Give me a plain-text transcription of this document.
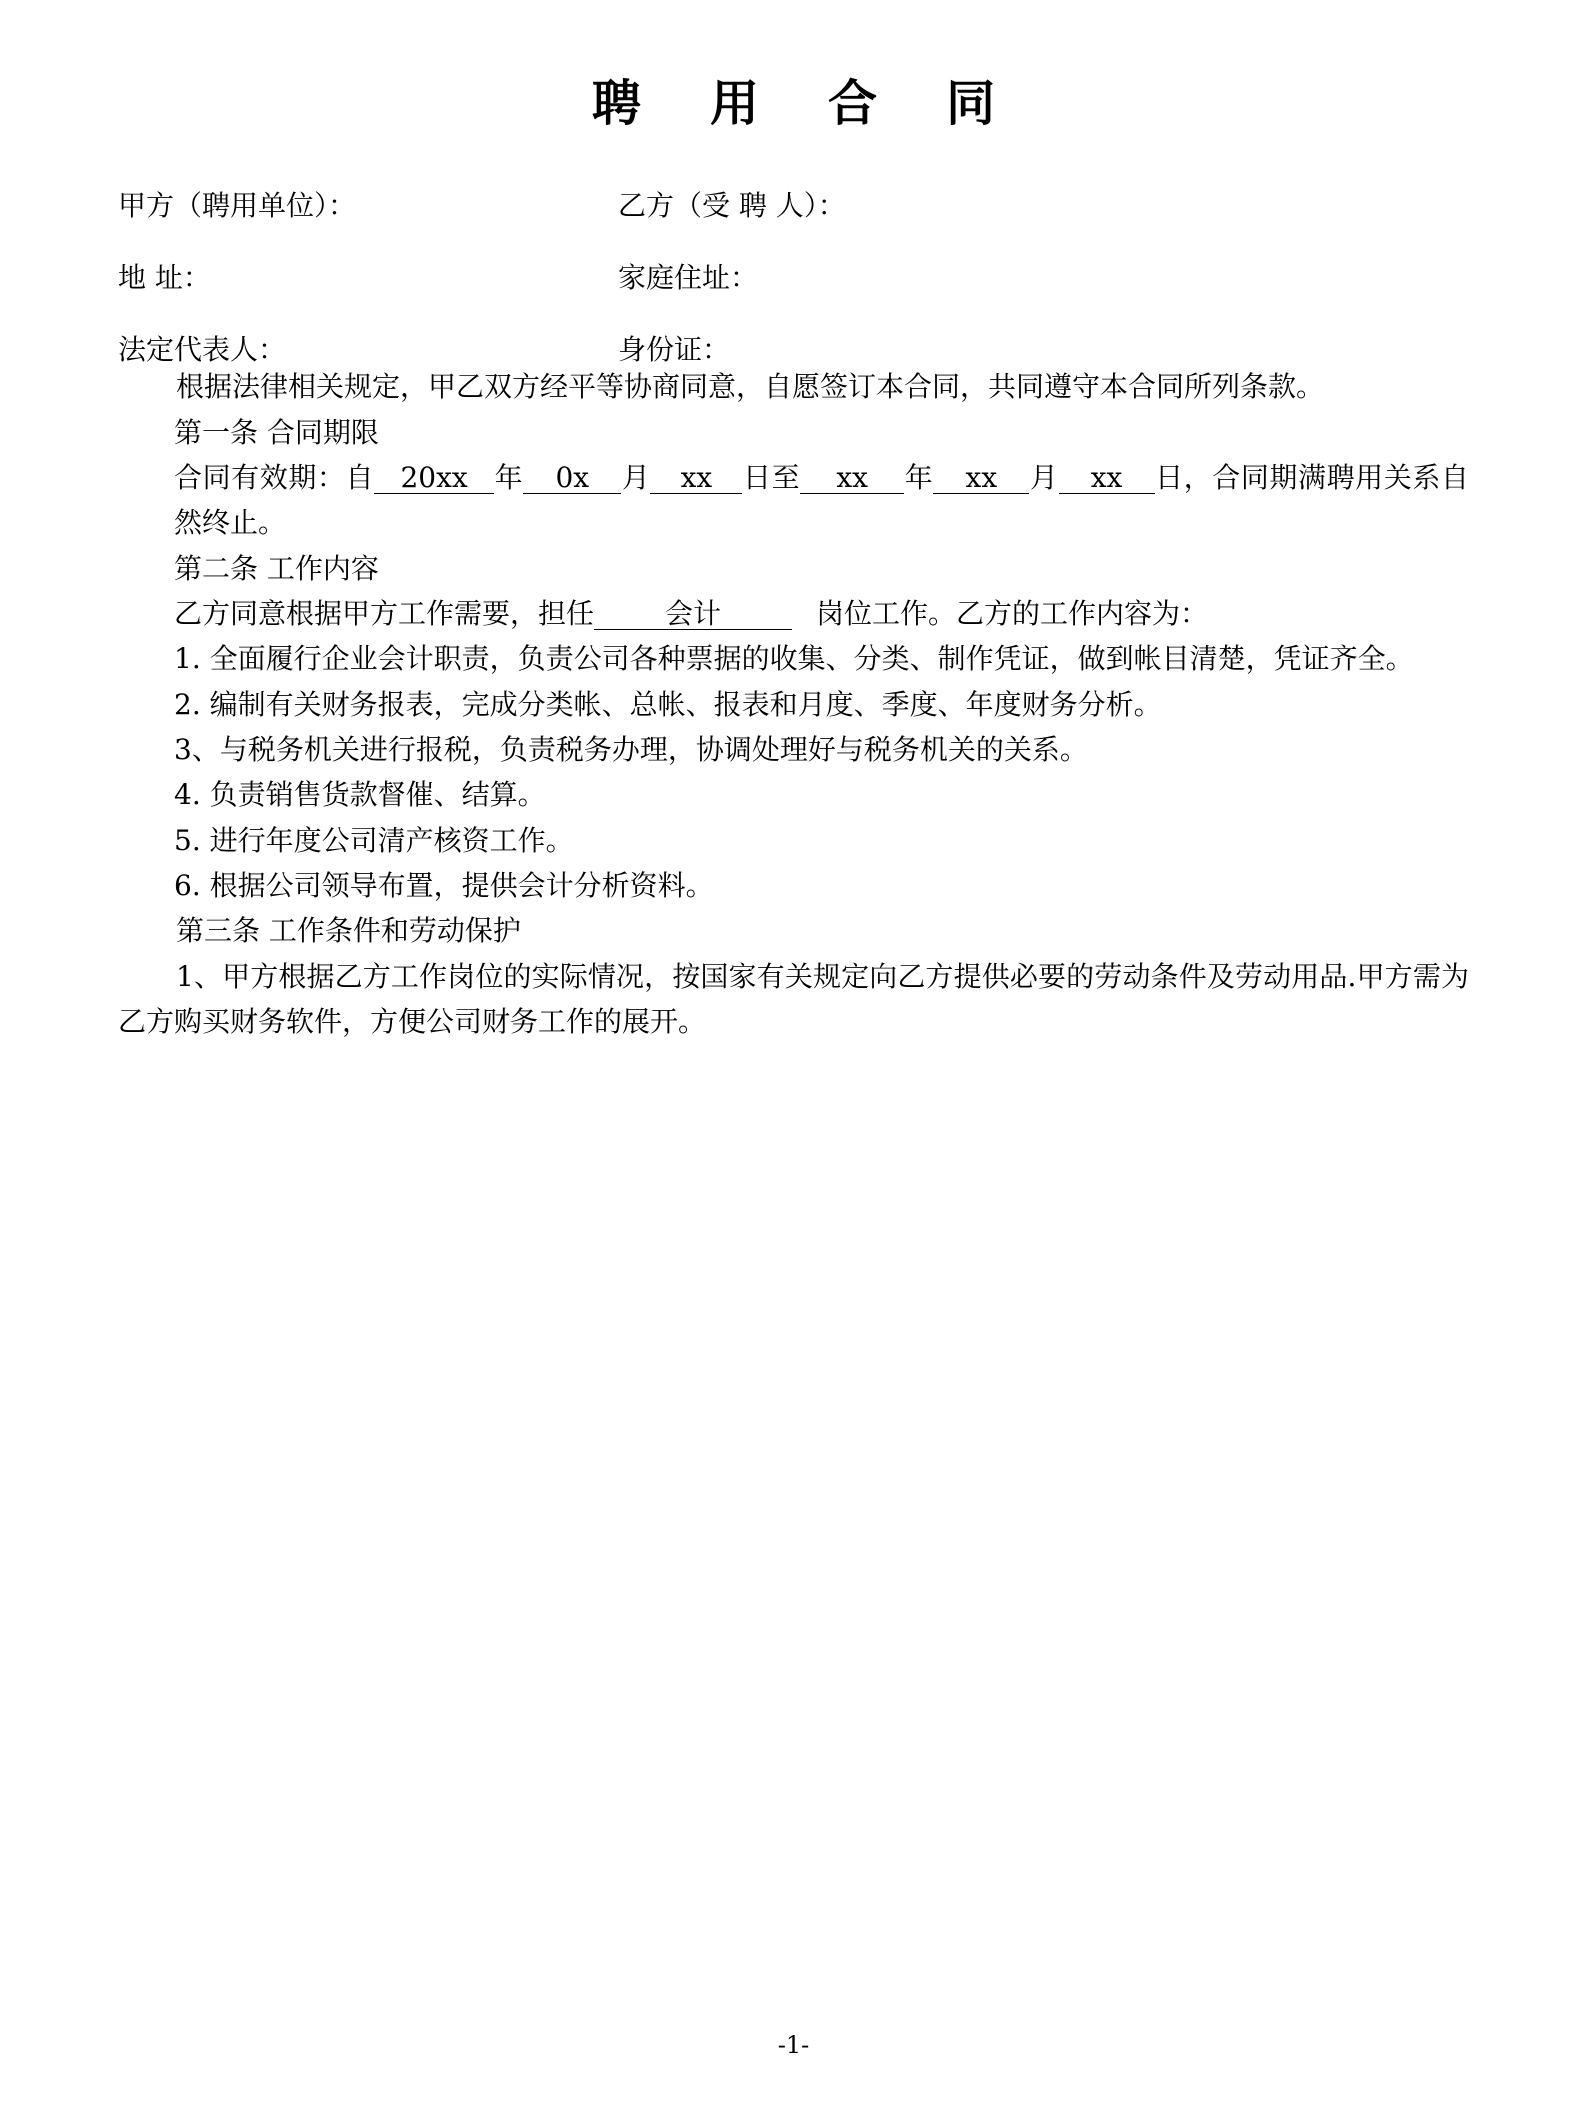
聘 用 合 同
甲方（聘用单位）：	乙方（受 聘 人）：
地 址：	家庭住址：
法定代表人：	身份证：

根据法律相关规定，甲乙双方经平等协商同意，自愿签订本合同，共同遵守本合同所列条款。

第一条 合同期限

合同有效期：自 20xx 年 0x 月 xx 日至 xx 年 xx 月 xx 日，合同期满聘用关系自然终止。

第二条 工作内容

乙方同意根据甲方工作需要，担任	会计	岗位工作。乙方的工作内容为：

1. 全面履行企业会计职责，负责公司各种票据的收集、分类、制作凭证，做到帐目清楚，凭证齐全。

2. 编制有关财务报表，完成分类帐、总帐、报表和月度、季度、年度财务分析。

3、与税务机关进行报税，负责税务办理，协调处理好与税务机关的关系。

4. 负责销售货款督催、结算。

5. 进行年度公司清产核资工作。

6. 根据公司领导布置，提供会计分析资料。

第三条 工作条件和劳动保护

1、甲方根据乙方工作岗位的实际情况，按国家有关规定向乙方提供必要的劳动条件及劳动用品.甲方需为乙方购买财务软件，方便公司财务工作的展开。

-1-
